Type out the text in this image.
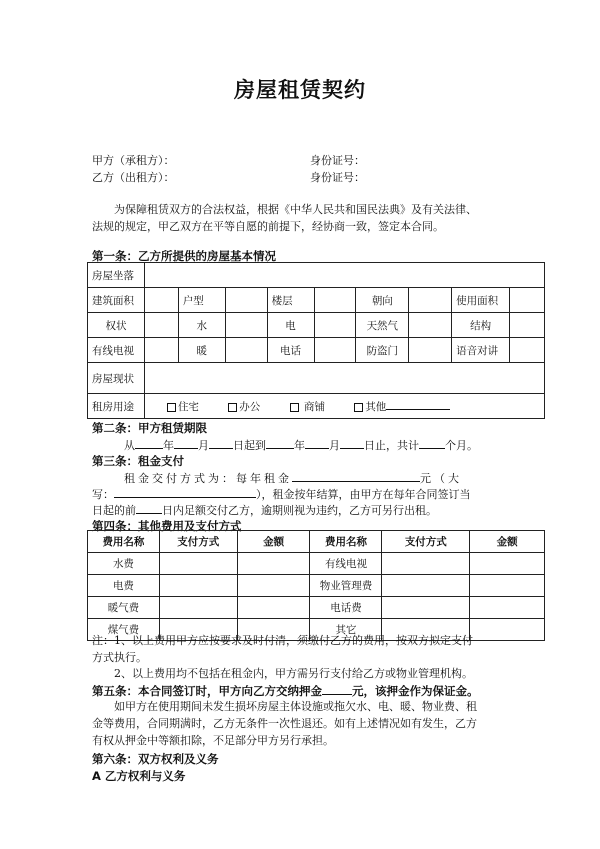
房屋租赁契约
甲方（承租方）：	身份证号：
乙方（出租方）：	身份证号：
为保障租赁双方的合法权益，根据《中华人民共和国民法典》及有关法律、
法规的规定，甲乙双方在平等自愿的前提下，经协商一致，签定本合同。
第一条：乙方所提供的房屋基本情况
房屋坐落									
建筑面积		户型		楼层		朝向		使用面积	
权状		水		电		天然气		结构	
有线电视		暖		电话		防盗门		语音对讲	
房屋现状									
租房用途	住宅 办公 商铺 其他								
第二条：甲方租赁期限
从	年 月 日起到	年 月 日止，共计 个月。
第三条：租金支付
租金交付方式为：每年租金	元（大
写：	），租金按年结算，由甲方在每年合同签订当
日起的前 日内足额交付乙方，逾期则视为违约，乙方可另行出租。
第四条：其他费用及支付方式
费用名称	支付方式	金额	费用名称	支付方式	金额
水费			有线电视		
电费			物业管理费		
暖气费			电话费		
煤气费			其它		
注：1、以上费用甲方应按要求及时付清，须缴付乙方的费用，按双方拟定支付
方式执行。
2、以上费用均不包括在租金内，甲方需另行支付给乙方或物业管理机构。
第五条：本合同签订时，甲方向乙方交纳押金	元，该押金作为保证金。
如甲方在使用期间未发生损坏房屋主体设施或拖欠水、电、暖、物业费、租
金等费用，合同期满时，乙方无条件一次性退还。如有上述情况如有发生，乙方
有权从押金中等额扣除，不足部分甲方另行承担。
第六条：双方权利及义务
A 乙方权利与义务
